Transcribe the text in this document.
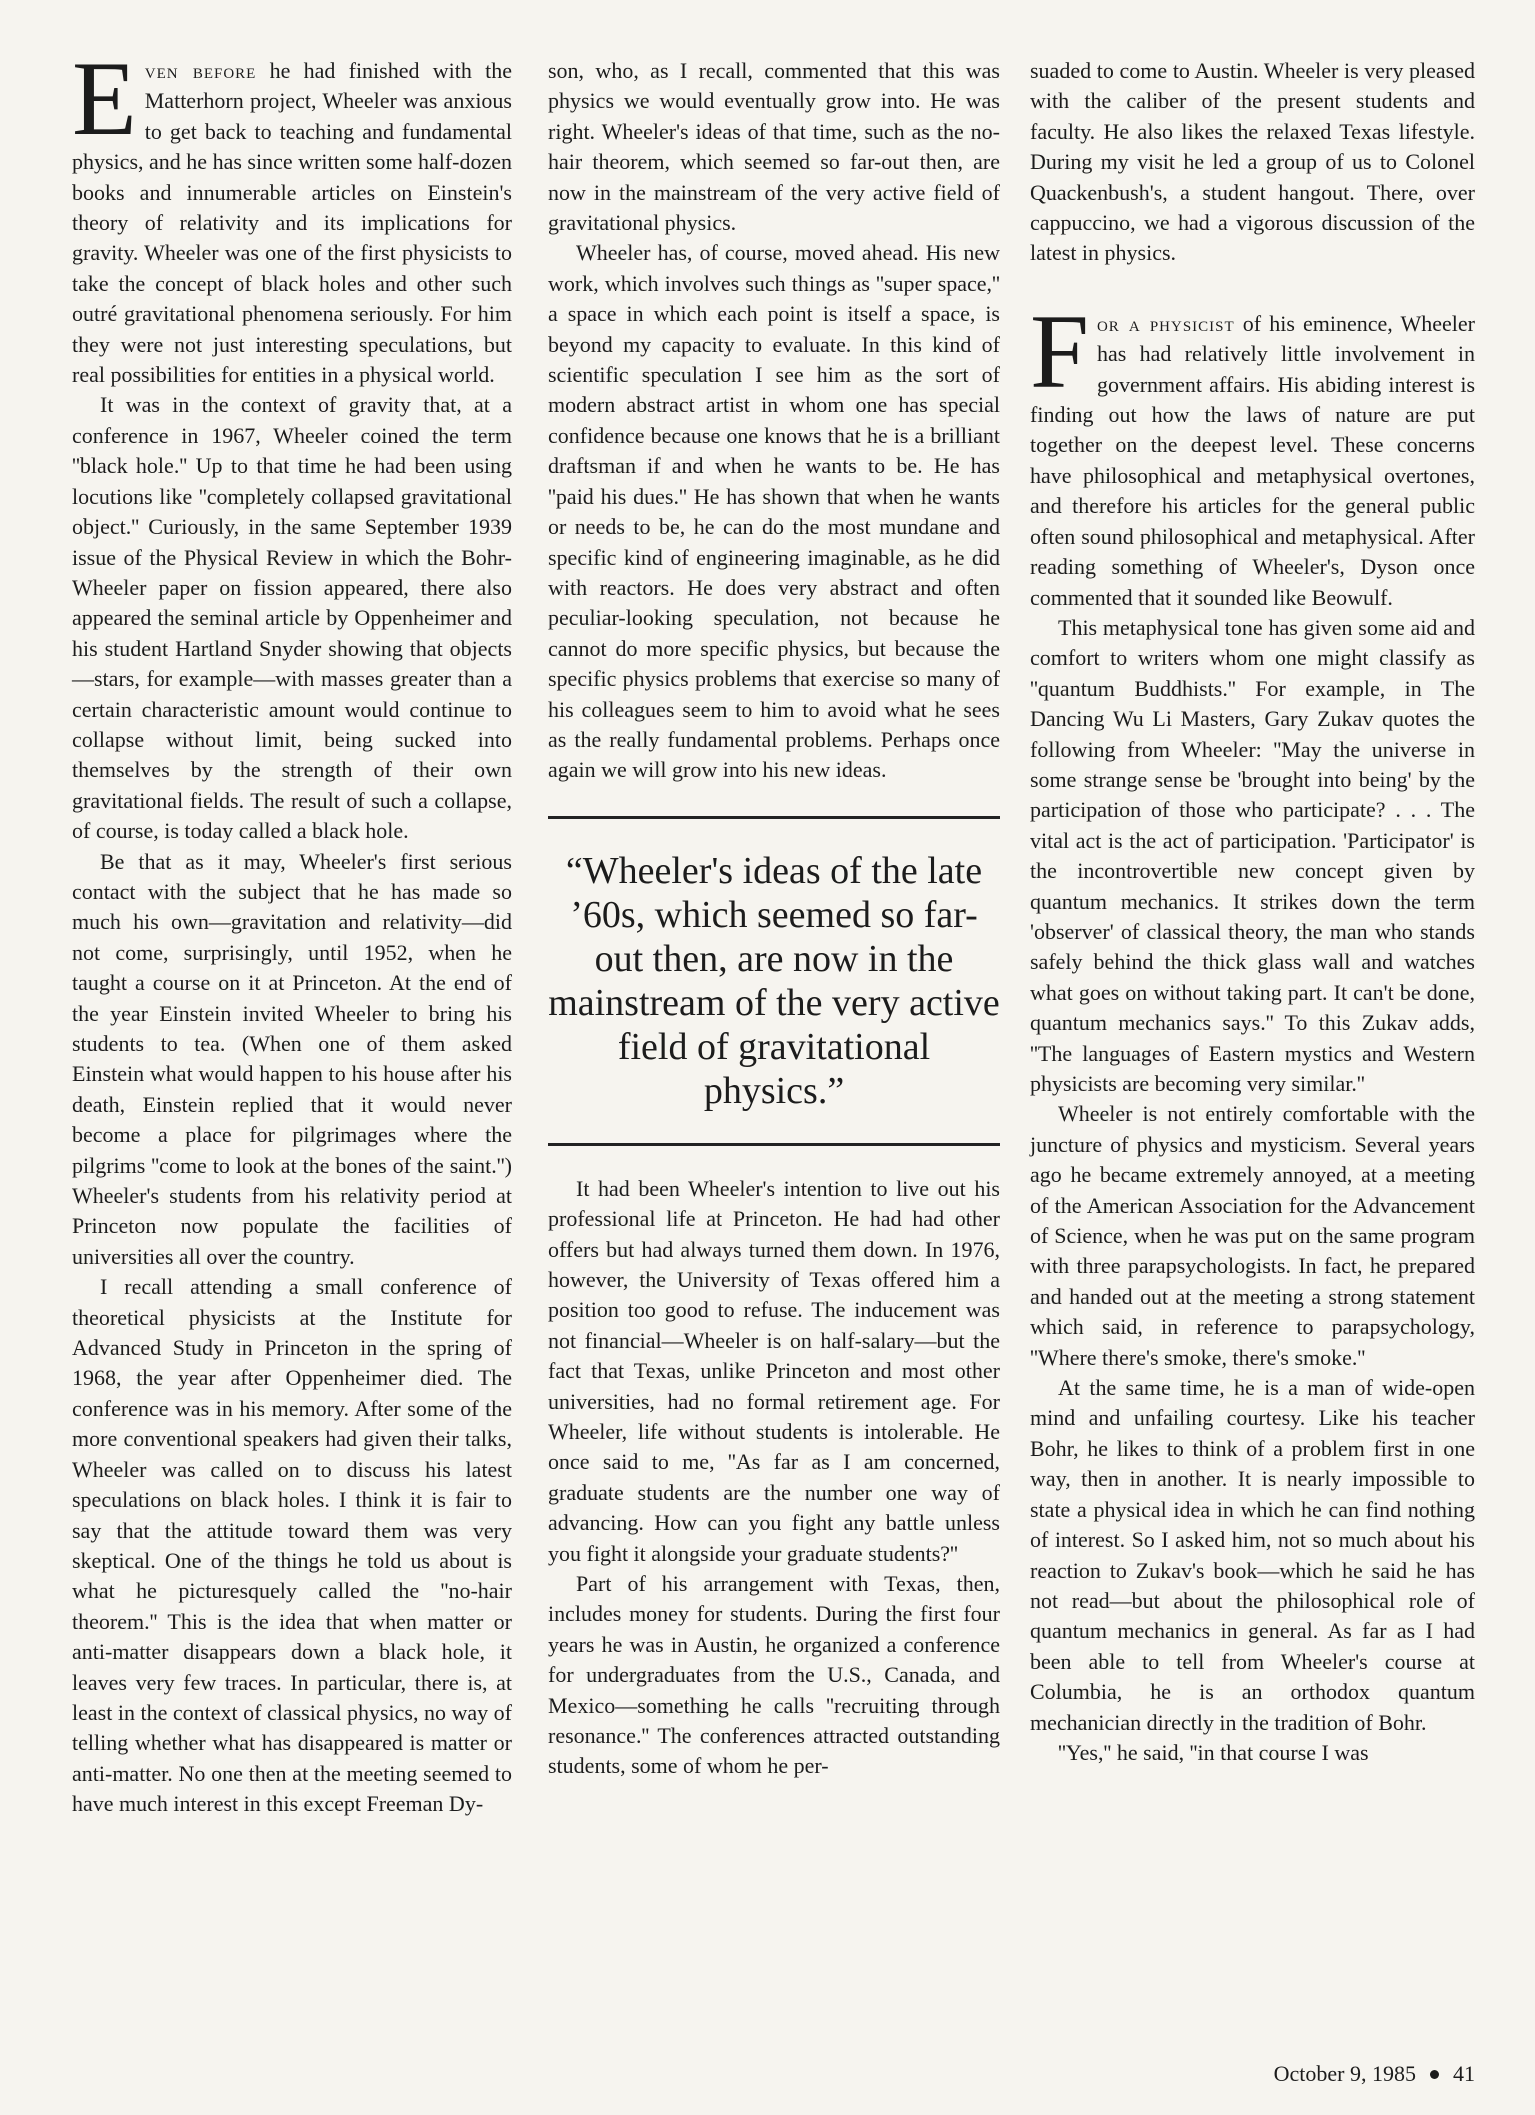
Even before he had finished with the Matterhorn project, Wheeler was anxious to get back to teaching and fundamental physics, and he has since written some half-dozen books and innumerable articles on Einstein's theory of relativity and its implications for gravity. Wheeler was one of the first physicists to take the concept of black holes and other such outré gravitational phenomena seriously. For him they were not just interesting speculations, but real possibilities for entities in a physical world.

It was in the context of gravity that, at a conference in 1967, Wheeler coined the term ''black hole.'' Up to that time he had been using locutions like ''completely collapsed gravitational object.'' Curiously, in the same September 1939 issue of the Physical Review in which the Bohr-Wheeler paper on fission appeared, there also appeared the seminal article by Oppenheimer and his student Hartland Snyder showing that objects—stars, for example—with masses greater than a certain characteristic amount would continue to collapse without limit, being sucked into themselves by the strength of their own gravitational fields. The result of such a collapse, of course, is today called a black hole.

Be that as it may, Wheeler's first serious contact with the subject that he has made so much his own—gravitation and relativity—did not come, surprisingly, until 1952, when he taught a course on it at Princeton. At the end of the year Einstein invited Wheeler to bring his students to tea. (When one of them asked Einstein what would happen to his house after his death, Einstein replied that it would never become a place for pilgrimages where the pilgrims ''come to look at the bones of the saint.'') Wheeler's students from his relativity period at Princeton now populate the facilities of universities all over the country.

I recall attending a small conference of theoretical physicists at the Institute for Advanced Study in Princeton in the spring of 1968, the year after Oppenheimer died. The conference was in his memory. After some of the more conventional speakers had given their talks, Wheeler was called on to discuss his latest speculations on black holes. I think it is fair to say that the attitude toward them was very skeptical. One of the things he told us about is what he picturesquely called the ''no-hair theorem.'' This is the idea that when matter or anti-matter disappears down a black hole, it leaves very few traces. In particular, there is, at least in the context of classical physics, no way of telling whether what has disappeared is matter or anti-matter. No one then at the meeting seemed to have much interest in this except Freeman Dy-

son, who, as I recall, commented that this was physics we would eventually grow into. He was right. Wheeler's ideas of that time, such as the no-hair theorem, which seemed so far-out then, are now in the mainstream of the very active field of gravitational physics.

Wheeler has, of course, moved ahead. His new work, which involves such things as ''super space,'' a space in which each point is itself a space, is beyond my capacity to evaluate. In this kind of scientific speculation I see him as the sort of modern abstract artist in whom one has special confidence because one knows that he is a brilliant draftsman if and when he wants to be. He has ''paid his dues.'' He has shown that when he wants or needs to be, he can do the most mundane and specific kind of engineering imaginable, as he did with reactors. He does very abstract and often peculiar-looking speculation, not because he cannot do more specific physics, but because the specific physics problems that exercise so many of his colleagues seem to him to avoid what he sees as the really fundamental problems. Perhaps once again we will grow into his new ideas.

“Wheeler's ideas of the late ’60s, which seemed so far-out then, are now in the mainstream of the very active field of gravitational physics.”

It had been Wheeler's intention to live out his professional life at Princeton. He had had other offers but had always turned them down. In 1976, however, the University of Texas offered him a position too good to refuse. The inducement was not financial—Wheeler is on half-salary—but the fact that Texas, unlike Princeton and most other universities, had no formal retirement age. For Wheeler, life without students is intolerable. He once said to me, ''As far as I am concerned, graduate students are the number one way of advancing. How can you fight any battle unless you fight it alongside your graduate students?''

Part of his arrangement with Texas, then, includes money for students. During the first four years he was in Austin, he organized a conference for undergraduates from the U.S., Canada, and Mexico—something he calls ''recruiting through resonance.'' The conferences attracted outstanding students, some of whom he per-

suaded to come to Austin. Wheeler is very pleased with the caliber of the present students and faculty. He also likes the relaxed Texas lifestyle. During my visit he led a group of us to Colonel Quackenbush's, a student hangout. There, over cappuccino, we had a vigorous discussion of the latest in physics.

For a physicist of his eminence, Wheeler has had relatively little involvement in government affairs. His abiding interest is finding out how the laws of nature are put together on the deepest level. These concerns have philosophical and metaphysical overtones, and therefore his articles for the general public often sound philosophical and metaphysical. After reading something of Wheeler's, Dyson once commented that it sounded like Beowulf.

This metaphysical tone has given some aid and comfort to writers whom one might classify as ''quantum Buddhists.'' For example, in The Dancing Wu Li Masters, Gary Zukav quotes the following from Wheeler: ''May the universe in some strange sense be 'brought into being' by the participation of those who participate? . . . The vital act is the act of participation. 'Participator' is the incontrovertible new concept given by quantum mechanics. It strikes down the term 'observer' of classical theory, the man who stands safely behind the thick glass wall and watches what goes on without taking part. It can't be done, quantum mechanics says.'' To this Zukav adds, ''The languages of Eastern mystics and Western physicists are becoming very similar.''

Wheeler is not entirely comfortable with the juncture of physics and mysticism. Several years ago he became extremely annoyed, at a meeting of the American Association for the Advancement of Science, when he was put on the same program with three parapsychologists. In fact, he prepared and handed out at the meeting a strong statement which said, in reference to parapsychology, ''Where there's smoke, there's smoke.''

At the same time, he is a man of wide-open mind and unfailing courtesy. Like his teacher Bohr, he likes to think of a problem first in one way, then in another. It is nearly impossible to state a physical idea in which he can find nothing of interest. So I asked him, not so much about his reaction to Zukav's book—which he said he has not read—but about the philosophical role of quantum mechanics in general. As far as I had been able to tell from Wheeler's course at Columbia, he is an orthodox quantum mechanician directly in the tradition of Bohr.

''Yes,'' he said, ''in that course I was

October 9, 1985 41
